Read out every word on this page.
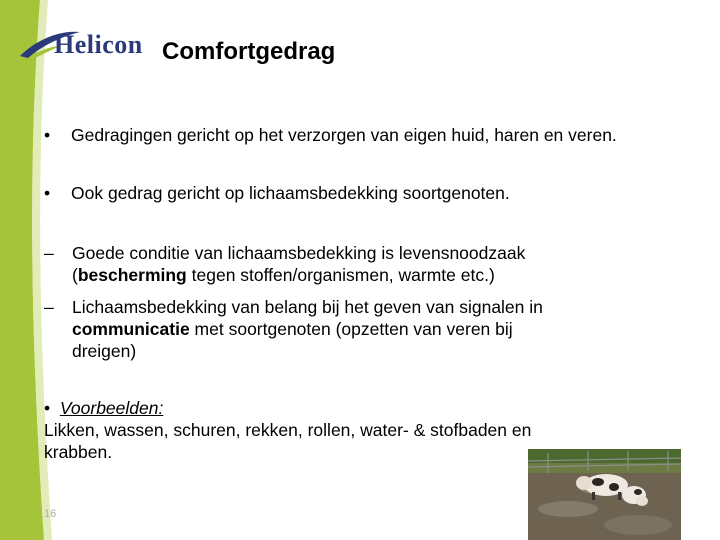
Helicon Comfortgedrag
•	Gedragingen gericht op het verzorgen van eigen huid, haren en veren.
•	Ook gedrag gericht op lichaamsbedekking soortgenoten.
–	Goede conditie van lichaamsbedekking is levensnoodzaak
(bescherming tegen stoffen/organismen, warmte etc.)
–	Lichaamsbedekking van belang bij het geven van signalen in
communicatie met soortgenoten (opzetten van veren bij
dreigen)
• Voorbeelden:
Likken, wassen, schuren, rekken, rollen, water- & stofbaden en
krabben.
16
